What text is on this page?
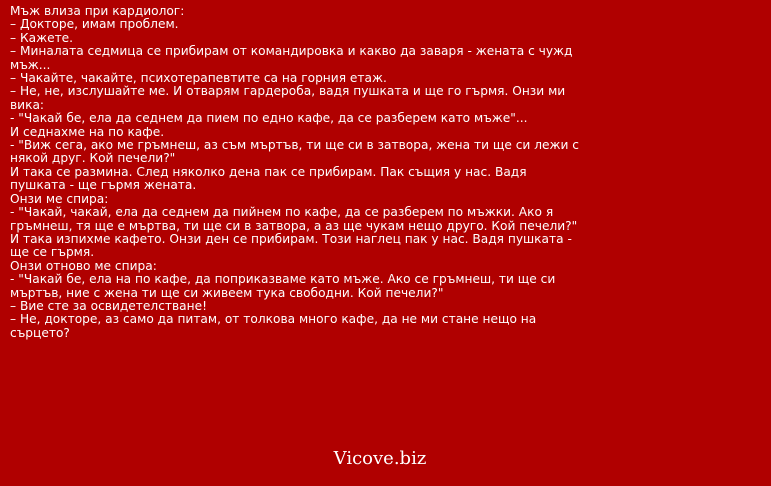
Мъж влиза при кардиолог:
– Докторе, имам проблем.
– Кажете.
– Миналата седмица се прибирам от командировка и какво да заваря - жената с чужд мъж...
– Чакайте, чакайте, психотерапевтите са на горния етаж.
– Не, не, изслушайте ме. И отварям гардероба, вадя пушката и ще го гърмя. Онзи ми вика:
- "Чакай бе, ела да седнем да пием по едно кафе, да се разберем като мъже"...
И седнахме на по кафе.
- "Виж сега, ако ме гръмнеш, аз съм мъртъв, ти ще си в затвора, жена ти ще си лежи с някой друг. Кой печели?"
И така се размина. След няколко дена пак се прибирам. Пак същия у нас. Вадя пушката - ще гърмя жената.
Онзи ме спира:
- "Чакай, чакай, ела да седнем да пийнем по кафе, да се разберем по мъжки. Ако я гръмнеш, тя ще е мъртва, ти ще си в затвора, а аз ще чукам нещо друго. Кой печели?"
И така изпихме кафето. Онзи ден се прибирам. Този наглец пак у нас. Вадя пушката - ще се гърмя.
Онзи отново ме спира:
- "Чакай бе, ела на по кафе, да поприказваме като мъже. Ако се гръмнеш, ти ще си мъртъв, ние с жена ти ще си живеем тука свободни. Кой печели?"
– Вие сте за освидетелстване!
– Не, докторе, аз само да питам, от толкова много кафе, да не ми стане нещо на сърцето?
Vicove.biz
